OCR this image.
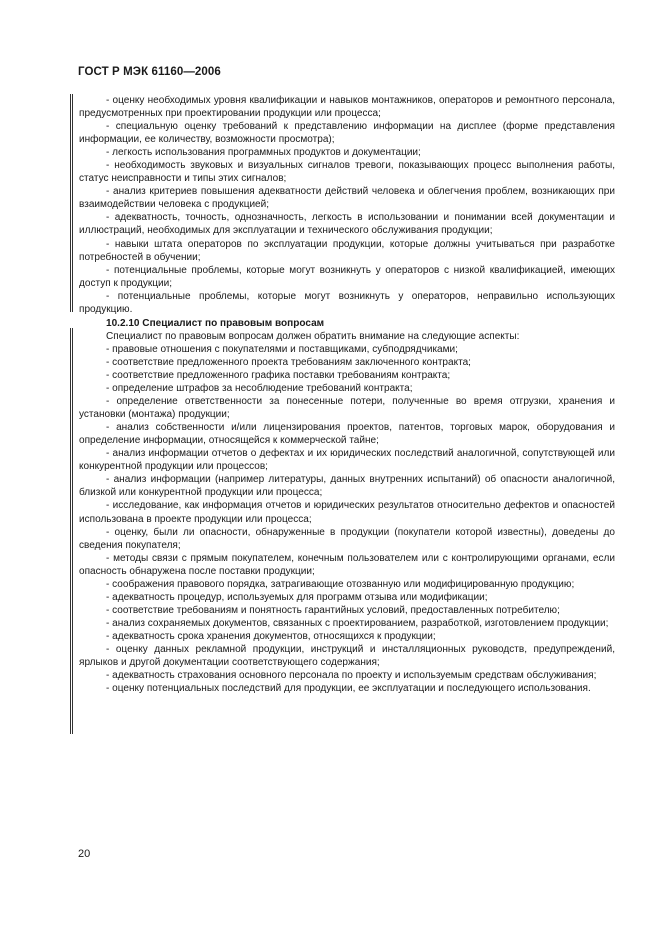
ГОСТ Р МЭК 61160—2006

- оценку необходимых уровня квалификации и навыков монтажников, операторов и ремонтного персонала, предусмотренных при проектировании продукции или процесса;

- специальную оценку требований к представлению информации на дисплее (форме представления информации, ее количеству, возможности просмотра);

- легкость использования программных продуктов и документации;

- необходимость звуковых и визуальных сигналов тревоги, показывающих процесс выполнения работы, статус неисправности и типы этих сигналов;

- анализ критериев повышения адекватности действий человека и облегчения проблем, возникающих при взаимодействии человека с продукцией;

- адекватность, точность, однозначность, легкость в использовании и понимании всей документации и иллюстраций, необходимых для эксплуатации и технического обслуживания продукции;

- навыки штата операторов по эксплуатации продукции, которые должны учитываться при разработке потребностей в обучении;

- потенциальные проблемы, которые могут возникнуть у операторов с низкой квалификацией, имеющих доступ к продукции;

- потенциальные проблемы, которые могут возникнуть у операторов, неправильно использующих продукцию.

10.2.10 Специалист по правовым вопросам

Специалист по правовым вопросам должен обратить внимание на следующие аспекты:

- правовые отношения с покупателями и поставщиками, субподрядчиками;

- соответствие предложенного проекта требованиям заключенного контракта;

- соответствие предложенного графика поставки требованиям контракта;

- определение штрафов за несоблюдение требований контракта;

- определение ответственности за понесенные потери, полученные во время отгрузки, хранения и установки (монтажа) продукции;

- анализ собственности и/или лицензирования проектов, патентов, торговых марок, оборудования и определение информации, относящейся к коммерческой тайне;

- анализ информации отчетов о дефектах и их юридических последствий аналогичной, сопутствующей или конкурентной продукции или процессов;

- анализ информации (например литературы, данных внутренних испытаний) об опасности аналогичной, близкой или конкурентной продукции или процесса;

- исследование, как информация отчетов и юридических результатов относительно дефектов и опасностей использована в проекте продукции или процесса;

- оценку, были ли опасности, обнаруженные в продукции (покупатели которой известны), доведены до сведения покупателя;

- методы связи с прямым покупателем, конечным пользователем или с контролирующими органами, если опасность обнаружена после поставки продукции;

- соображения правового порядка, затрагивающие отозванную или модифицированную продукцию;

- адекватность процедур, используемых для программ отзыва или модификации;

- соответствие требованиям и понятность гарантийных условий, предоставленных потребителю;

- анализ сохраняемых документов, связанных с проектированием, разработкой, изготовлением продукции;

- адекватность срока хранения документов, относящихся к продукции;

- оценку данных рекламной продукции, инструкций и инсталляционных руководств, предупреждений, ярлыков и другой документации соответствующего содержания;

- адекватность страхования основного персонала по проекту и используемым средствам обслуживания;

- оценку потенциальных последствий для продукции, ее эксплуатации и последующего использования.

20
